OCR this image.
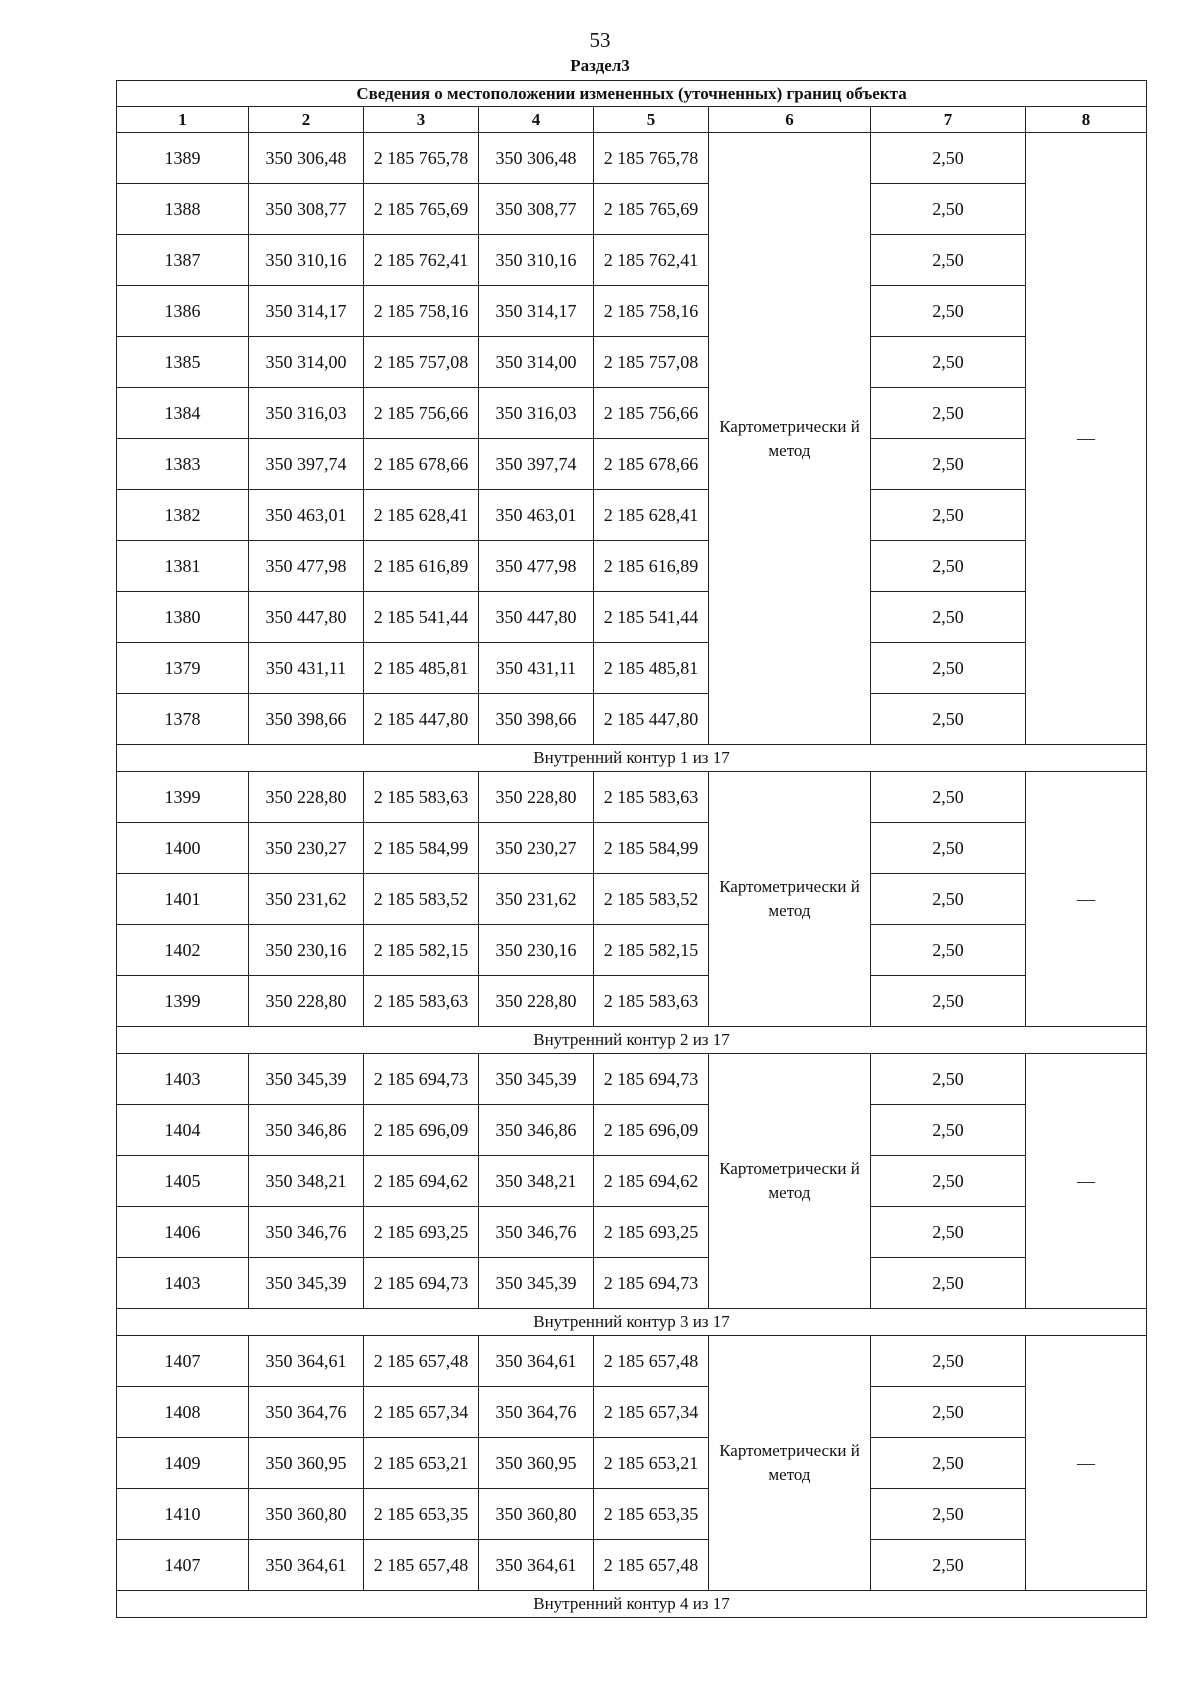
53
Раздел3
Сведения о местоположении измененных (уточненных) границ объекта							
1	2	3	4	5	6	7	8
1389	350 306,48	2 185 765,78	350 306,48	2 185 765,78	Картометрически й метод	2,50	—
1388	350 308,77	2 185 765,69	350 308,77	2 185 765,69		2,50	
1387	350 310,16	2 185 762,41	350 310,16	2 185 762,41		2,50	
1386	350 314,17	2 185 758,16	350 314,17	2 185 758,16		2,50	
1385	350 314,00	2 185 757,08	350 314,00	2 185 757,08		2,50	
1384	350 316,03	2 185 756,66	350 316,03	2 185 756,66		2,50	
1383	350 397,74	2 185 678,66	350 397,74	2 185 678,66		2,50	
1382	350 463,01	2 185 628,41	350 463,01	2 185 628,41		2,50	
1381	350 477,98	2 185 616,89	350 477,98	2 185 616,89		2,50	
1380	350 447,80	2 185 541,44	350 447,80	2 185 541,44		2,50	
1379	350 431,11	2 185 485,81	350 431,11	2 185 485,81		2,50	
1378	350 398,66	2 185 447,80	350 398,66	2 185 447,80		2,50	
Внутренний контур 1 из 17							
1399	350 228,80	2 185 583,63	350 228,80	2 185 583,63	Картометрически й метод	2,50	—
1400	350 230,27	2 185 584,99	350 230,27	2 185 584,99		2,50	
1401	350 231,62	2 185 583,52	350 231,62	2 185 583,52		2,50	
1402	350 230,16	2 185 582,15	350 230,16	2 185 582,15		2,50	
1399	350 228,80	2 185 583,63	350 228,80	2 185 583,63		2,50	
Внутренний контур 2 из 17							
1403	350 345,39	2 185 694,73	350 345,39	2 185 694,73	Картометрически й метод	2,50	—
1404	350 346,86	2 185 696,09	350 346,86	2 185 696,09		2,50	
1405	350 348,21	2 185 694,62	350 348,21	2 185 694,62		2,50	
1406	350 346,76	2 185 693,25	350 346,76	2 185 693,25		2,50	
1403	350 345,39	2 185 694,73	350 345,39	2 185 694,73		2,50	
Внутренний контур 3 из 17							
1407	350 364,61	2 185 657,48	350 364,61	2 185 657,48	Картометрически й метод	2,50	—
1408	350 364,76	2 185 657,34	350 364,76	2 185 657,34		2,50	
1409	350 360,95	2 185 653,21	350 360,95	2 185 653,21		2,50	
1410	350 360,80	2 185 653,35	350 360,80	2 185 653,35		2,50	
1407	350 364,61	2 185 657,48	350 364,61	2 185 657,48		2,50	
Внутренний контур 4 из 17							
